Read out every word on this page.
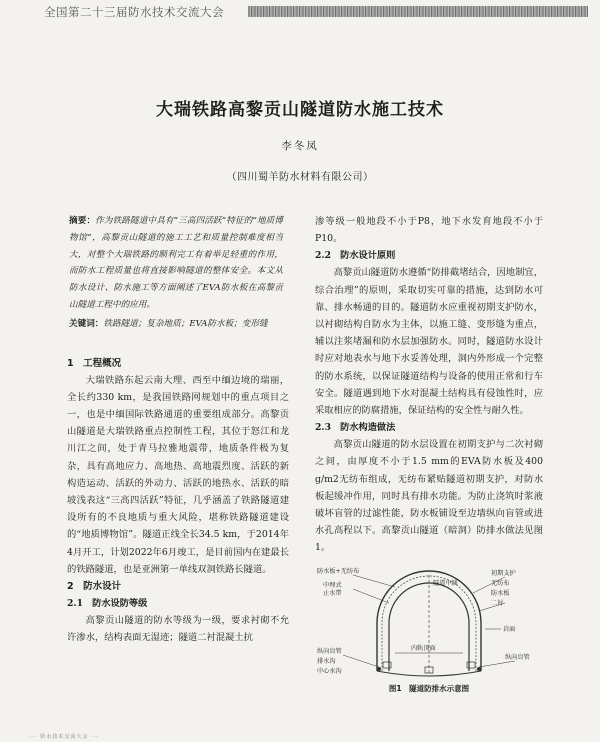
全国第二十三届防水技术交流大会
大瑞铁路高黎贡山隧道防水施工技术
李冬凤
（四川蜀羊防水材料有限公司）
摘要：作为铁路隧道中具有“三高四活跃”特征的“地质博物馆”，高黎贡山隧道的施工工艺和质量控制难度相当大，对整个大瑞铁路的顺利完工有着举足轻重的作用，而防水工程质量也将直接影响隧道的整体安全。本文从防水设计、防水施工等方面阐述了EVA防水板在高黎贡山隧道工程中的应用。
关键词：铁路隧道；复杂地质；EVA防水板；变形缝
1　工程概况

大瑞铁路东起云南大理、西至中缅边境的瑞丽，全长约330 km，是我国铁路网规划中的重点项目之一，也是中缅国际铁路通道的重要组成部分。高黎贡山隧道是大瑞铁路重点控制性工程，其位于怒江和龙川江之间，处于青马拉雅地震带，地质条件极为复杂，具有高地应力、高地热、高地震烈度、活跃的新构造运动、活跃的外动力、活跃的地热水、活跃的暗坡浅表这“三高四活跃”特征，几乎涵盖了铁路隧道建设所有的不良地质与重大风险，堪称铁路隧道建设的“地质博物馆”。隧道正线全长34.5 km，于2014年4月开工，计划2022年6月竣工，是目前国内在建最长的铁路隧道，也是亚洲第一单线双洞铁路长隧道。

2　防水设计
2.1　防水设防等级

高黎贡山隧道的防水等级为一级，要求衬砌不允许渗水，结构表面无湿迹；隧道二衬混凝土抗

渗等级一般地段不小于P8，地下水发育地段不小于P10。

2.2　防水设计原则

高黎贡山隧道防水遵循“防排截堵结合，因地制宜，综合治理”的原则，采取切实可靠的措施，达到防水可靠、排水畅通的目的。隧道防水应重视初期支护防水，以衬砌结构自防水为主体，以施工缝、变形缝为重点，辅以注浆堵漏和防水层加强防水。同时，隧道防水设计时应对地表水与地下水妥善处理，洞内外形成一个完整的防水系统，以保证隧道结构与设备的使用正常和行车安全。隧道遇到地下水对混凝土结构具有侵蚀性时，应采取相应的防腐措施，保证结构的安全性与耐久性。

2.3　防水构造做法

高黎贡山隧道的防水层设置在初期支护与二次衬砌之间，由厚度不小于1.5 mm的EVA防水板及400 g/m2无纺布组成，无纺布紧贴隧道初期支护，对防水板起缓冲作用，同时具有排水功能。为防止浇筑时浆液破坏盲管的过滤性能，防水板铺设至边墙纵向盲管或进水孔高程以下。高黎贡山隧道（暗洞）防排水做法见图1。

防水板+无纺布
中埋式
止水带
隧道中线
初期支护
无纺布
防水板
二衬
岩面
内轨顶面
纵向盲管
排水沟
纵向盲管
中心水沟
图1　隧道防排水示意图
··· 防水技术交流大会 ···
